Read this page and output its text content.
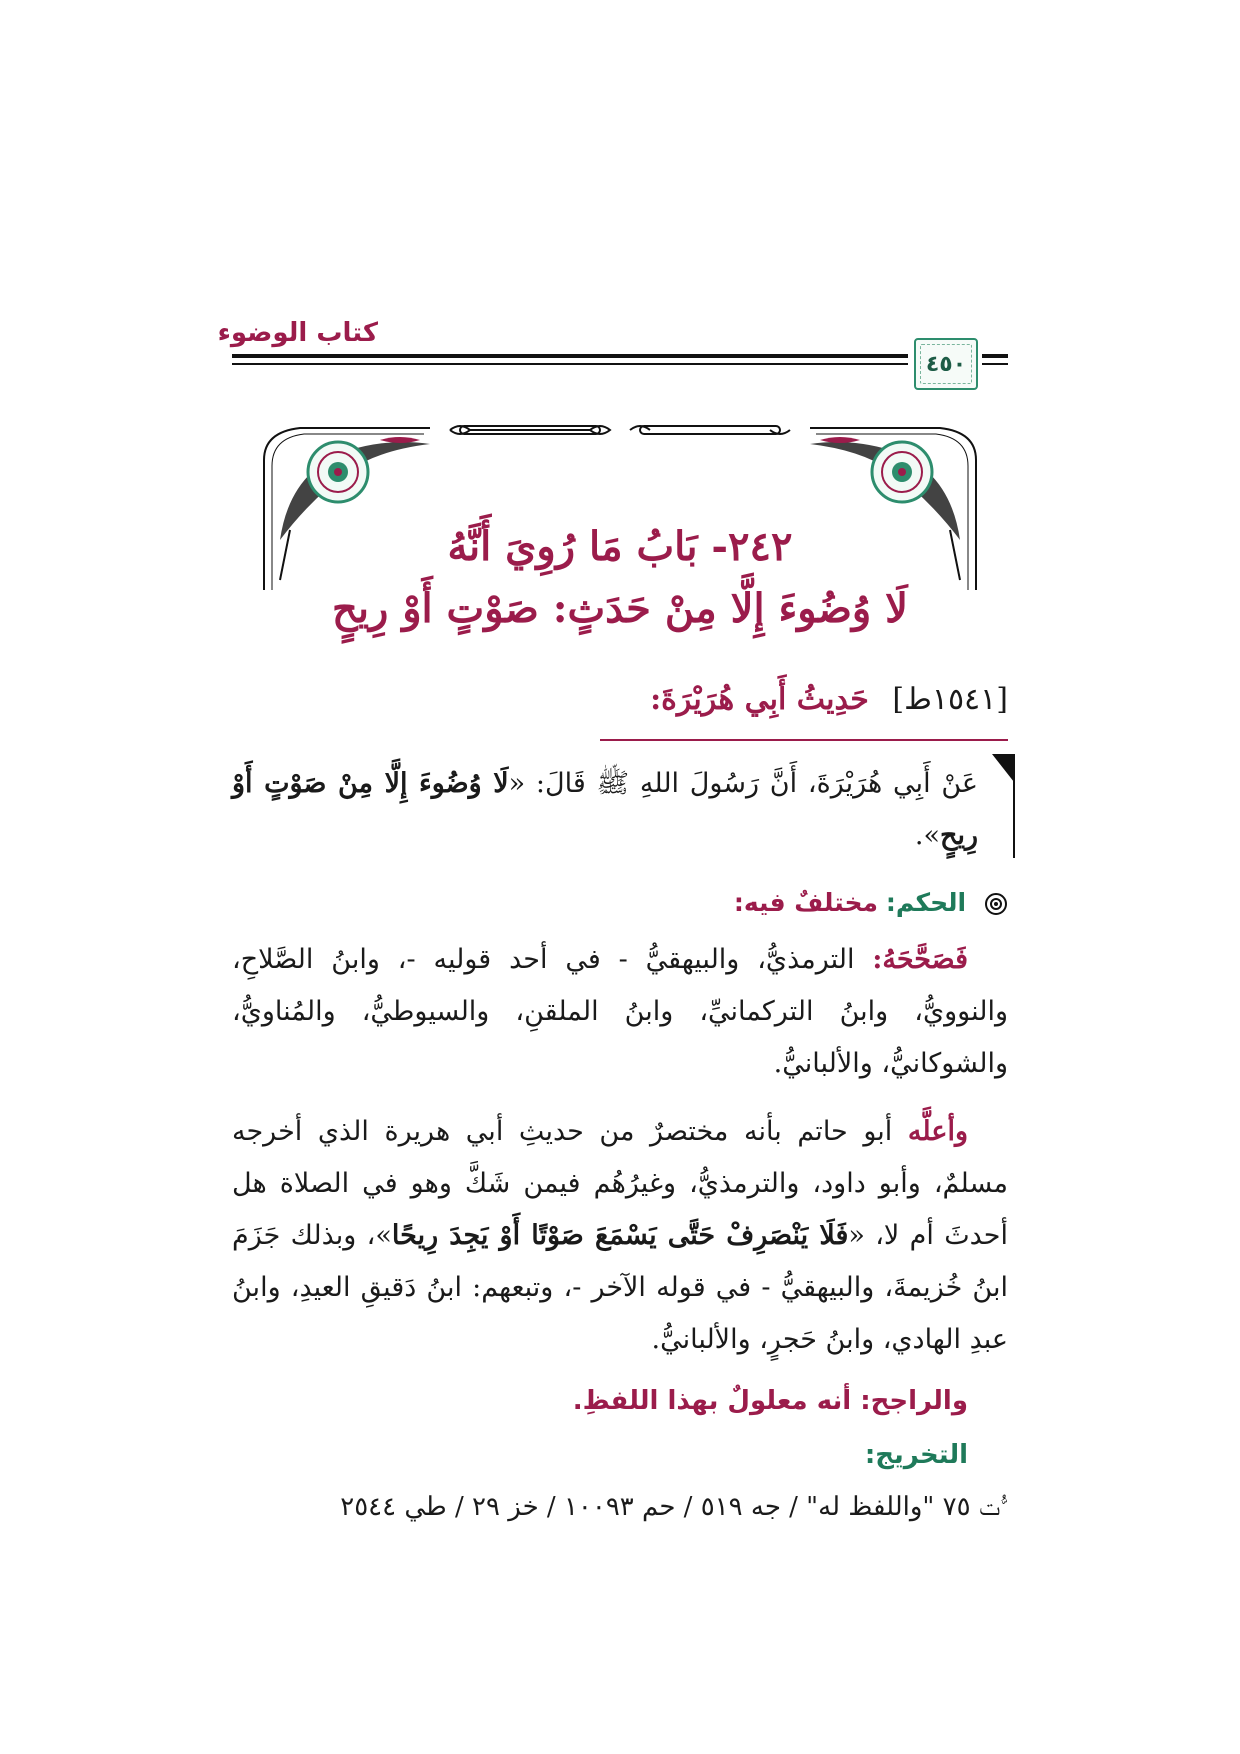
كتاب الوضوء
٤٥٠
٢٤٢- بَابُ مَا رُوِيَ أَنَّهُ
لَا وُضُوءَ إِلَّا مِنْ حَدَثٍ: صَوْتٍ أَوْ رِيحٍ
[١٥٤١ط] حَدِيثُ أَبِي هُرَيْرَةَ:
عَنْ أَبِي هُرَيْرَةَ، أَنَّ رَسُولَ اللهِ ﷺ قَالَ: «لَا وُضُوءَ إِلَّا مِنْ صَوْتٍ أَوْ رِيحٍ».
الحكم: مختلفٌ فيه:
فَصَحَّحَهُ: الترمذيُّ، والبيهقيُّ - في أحد قوليه -، وابنُ الصَّلاحِ، والنوويُّ، وابنُ التركمانيِّ، وابنُ الملقنِ، والسيوطيُّ، والمُناويُّ، والشوكانيُّ، والألبانيُّ.
وأعلَّه أبو حاتم بأنه مختصرٌ من حديثِ أبي هريرة الذي أخرجه مسلمٌ، وأبو داود، والترمذيُّ، وغيرُهُم فيمن شَكَّ وهو في الصلاة هل أحدثَ أم لا، «فَلَا يَنْصَرِفْ حَتَّى يَسْمَعَ صَوْتًا أَوْ يَجِدَ رِيحًا»، وبذلك جَزَمَ ابنُ خُزيمةَ، والبيهقيُّ - في قوله الآخر -، وتبعهم: ابنُ دَقيقِ العيدِ، وابنُ عبدِ الهادي، وابنُ حَجرٍ، والألبانيُّ.
والراجح: أنه معلولٌ بهذا اللفظِ.
التخريج:
ﱡت ٧٥ "واللفظ له" / جه ٥١٩ / حم ١٠٠٩٣ / خز ٢٩ / طي ٢٥٤٤
